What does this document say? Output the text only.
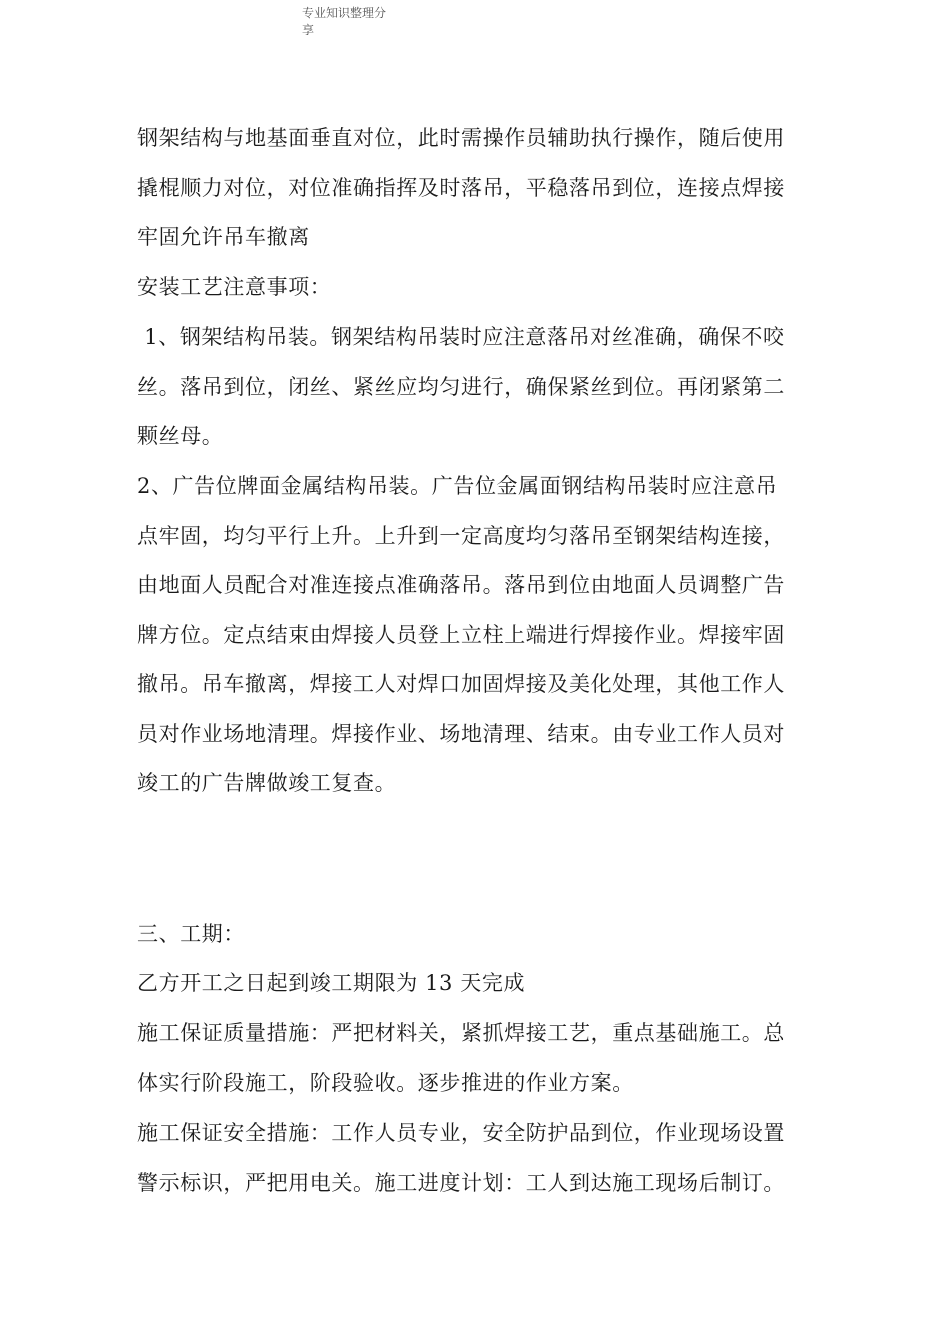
专业知识整理分
享
钢架结构与地基面垂直对位，此时需操作员辅助执行操作，随后使用
撬棍顺力对位，对位准确指挥及时落吊，平稳落吊到位，连接点焊接
牢固允许吊车撤离
安装工艺注意事项：
1、钢架结构吊装。钢架结构吊装时应注意落吊对丝准确，确保不咬
丝。落吊到位，闭丝、紧丝应均匀进行，确保紧丝到位。再闭紧第二
颗丝母。
2、广告位牌面金属结构吊装。广告位金属面钢结构吊装时应注意吊
点牢固，均匀平行上升。上升到一定高度均匀落吊至钢架结构连接，
由地面人员配合对准连接点准确落吊。落吊到位由地面人员调整广告
牌方位。定点结束由焊接人员登上立柱上端进行焊接作业。焊接牢固
撤吊。吊车撤离，焊接工人对焊口加固焊接及美化处理，其他工作人
员对作业场地清理。焊接作业、场地清理、结束。由专业工作人员对
竣工的广告牌做竣工复查。
三、工期：
乙方开工之日起到竣工期限为 13 天完成
施工保证质量措施：严把材料关，紧抓焊接工艺，重点基础施工。总
体实行阶段施工，阶段验收。逐步推进的作业方案。
施工保证安全措施：工作人员专业，安全防护品到位，作业现场设置
警示标识，严把用电关。施工进度计划：工人到达施工现场后制订。
